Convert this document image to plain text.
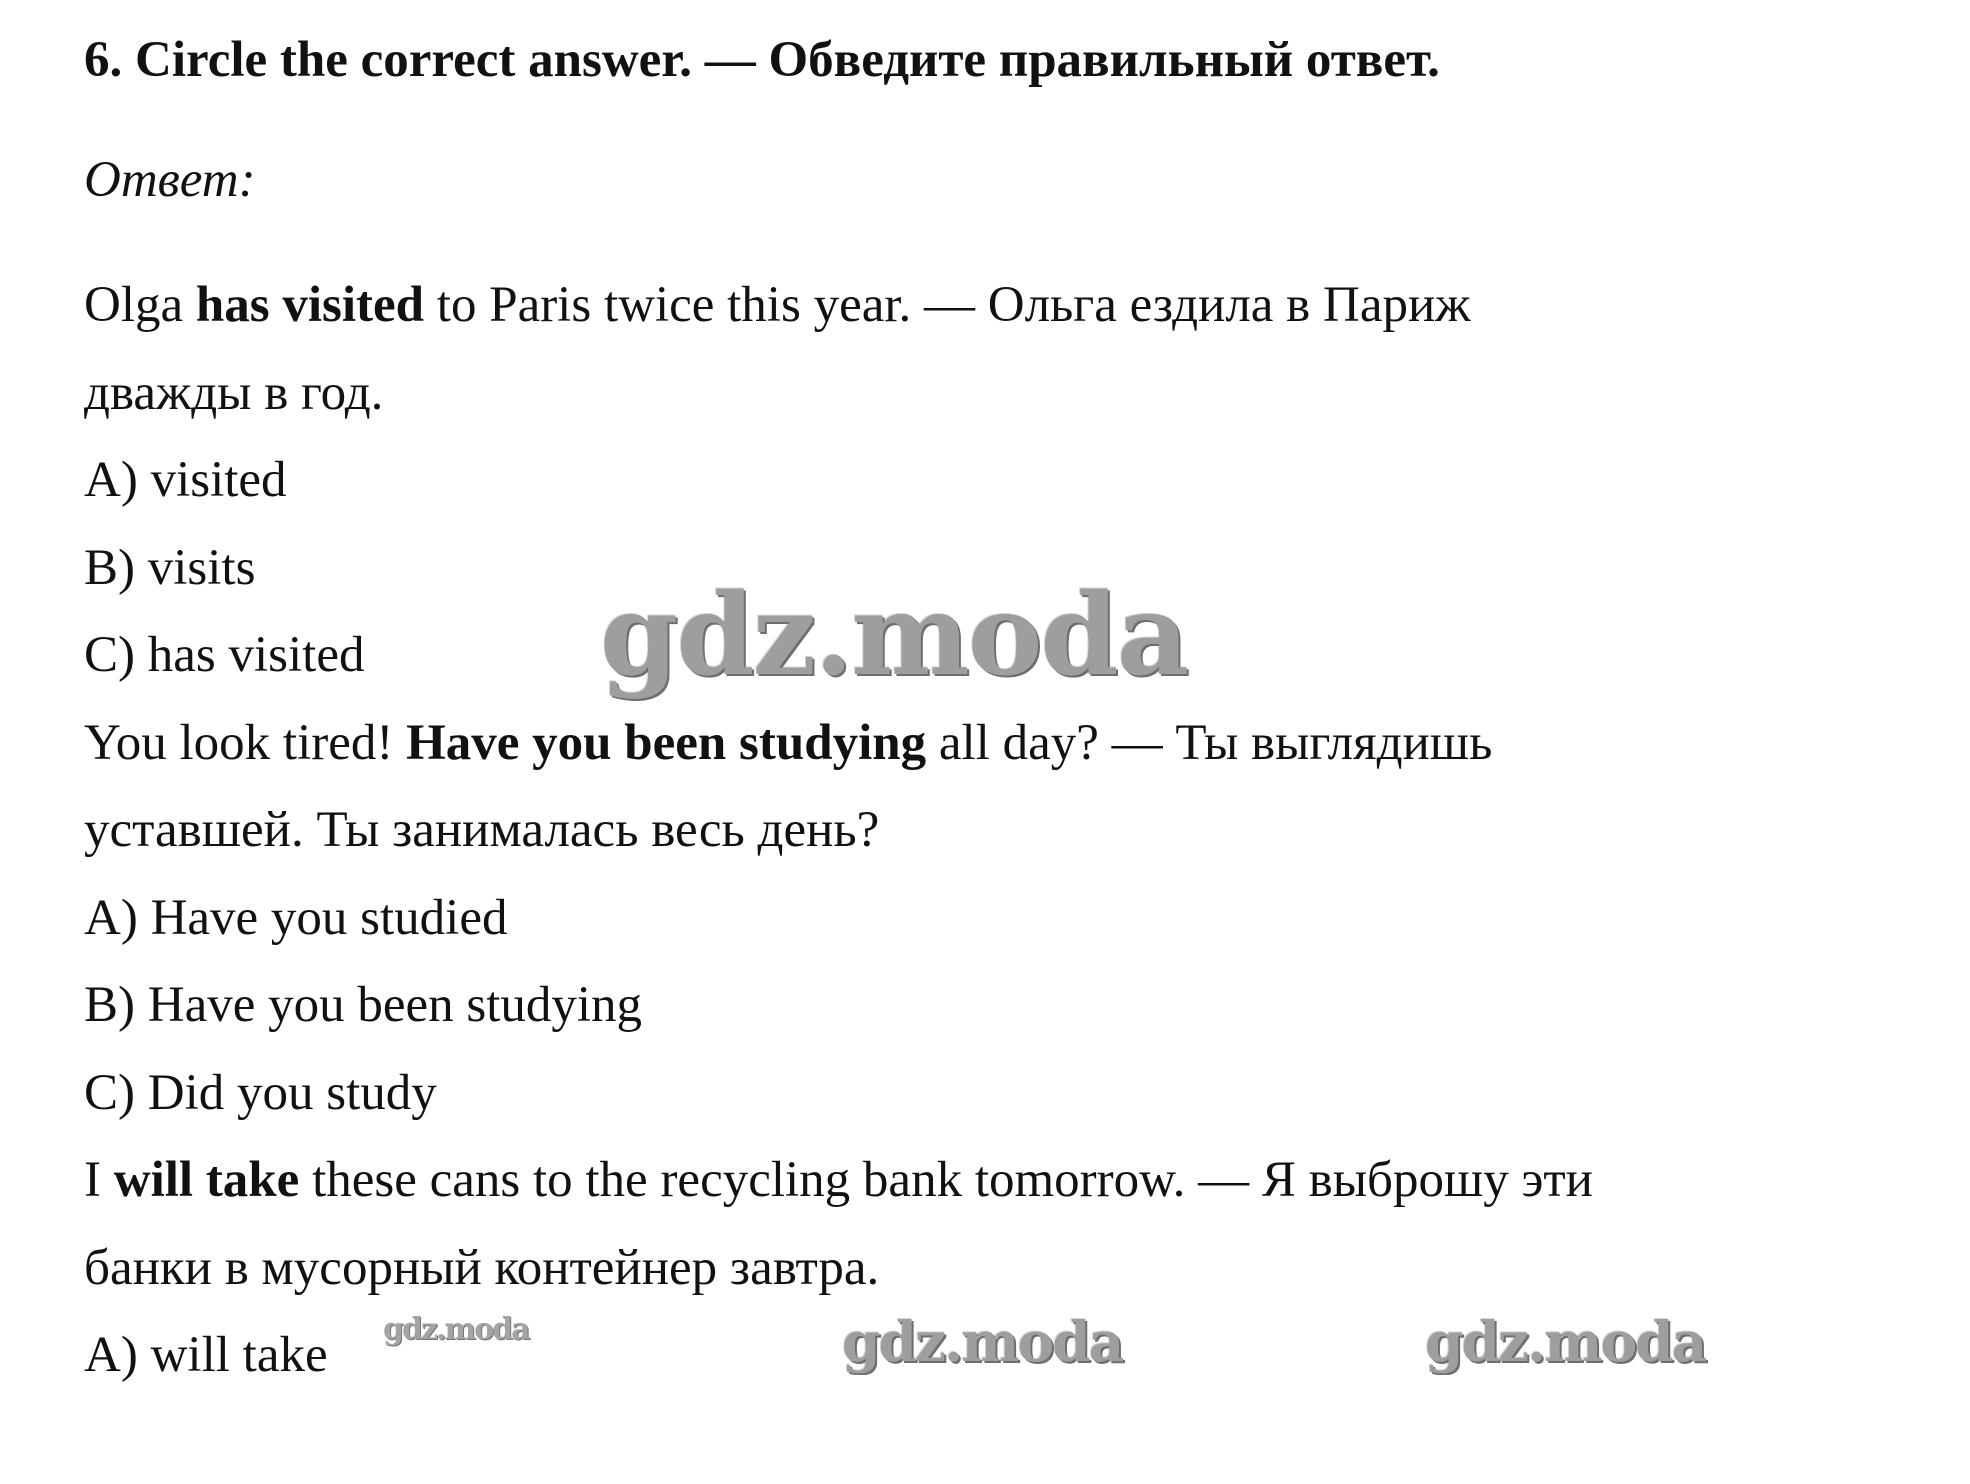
6. Circle the correct answer. — Обведите правильный ответ.
Ответ:
Olga has visited to Paris twice this year. — Ольга ездила в Париж
дважды в год.
A) visited
B) visits
C) has visited
You look tired! Have you been studying all day? — Ты выглядишь
уставшей. Ты занималась весь день?
A) Have you studied
B) Have you been studying
C) Did you study
I will take these cans to the recycling bank tomorrow. — Я выброшу эти
банки в мусорный контейнер завтра.
A) will take
gdz.moda
gdz.moda	gdz.moda	gdz.moda
